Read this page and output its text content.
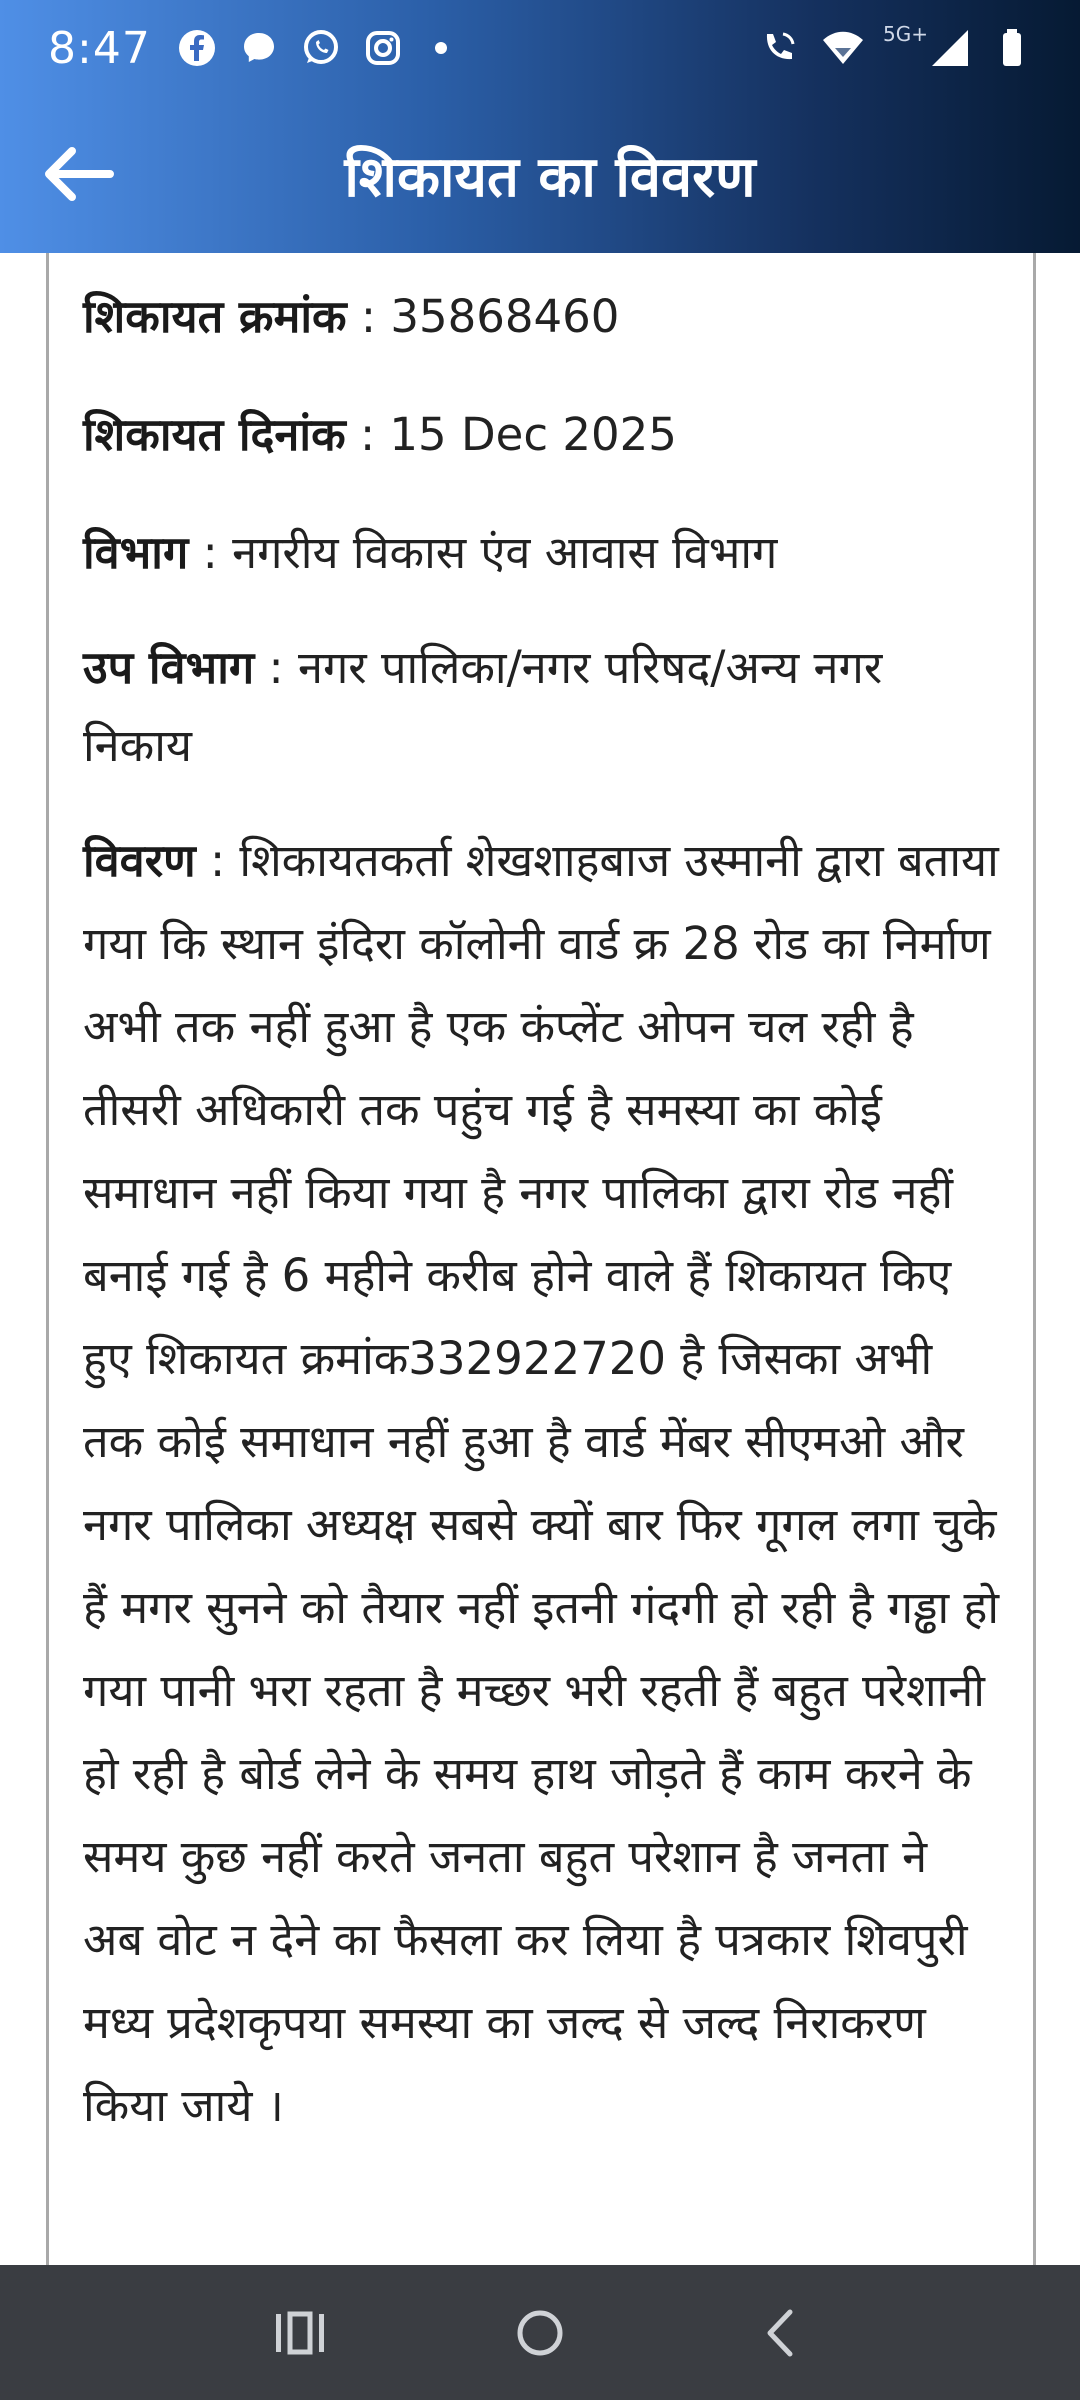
8:47	5G+
शिकायत का विवरण

शिकायत क्रमांक : 35868460

शिकायत दिनांक : 15 Dec 2025

विभाग : नगरीय विकास एंव आवास विभाग

उप विभाग : नगर पालिका/नगर परिषद/अन्य नगर निकाय

विवरण : शिकायतकर्ता शेखशाहबाज उस्मानी द्वारा बताया गया कि स्थान इंदिरा कॉलोनी वार्ड क्र 28 रोड का निर्माण अभी तक नहीं हुआ है एक कंप्लेंट ओपन चल रही है तीसरी अधिकारी तक पहुंच गई है समस्या का कोई समाधान नहीं किया गया है नगर पालिका द्वारा रोड नहीं बनाई गई है 6 महीने करीब होने वाले हैं शिकायत किए हुए शिकायत क्रमांक332922720 है जिसका अभी तक कोई समाधान नहीं हुआ है वार्ड मेंबर सीएमओ और नगर पालिका अध्यक्ष सबसे क्यों बार फिर गूगल लगा चुके हैं मगर सुनने को तैयार नहीं इतनी गंदगी हो रही है गड्ढा हो गया पानी भरा रहता है मच्छर भरी रहती हैं बहुत परेशानी हो रही है बोर्ड लेने के समय हाथ जोड़ते हैं काम करने के समय कुछ नहीं करते जनता बहुत परेशान है जनता ने अब वोट न देने का फैसला कर लिया है पत्रकार शिवपुरी मध्य प्रदेशकृपया समस्या का जल्द से जल्द निराकरण किया जाये ।
